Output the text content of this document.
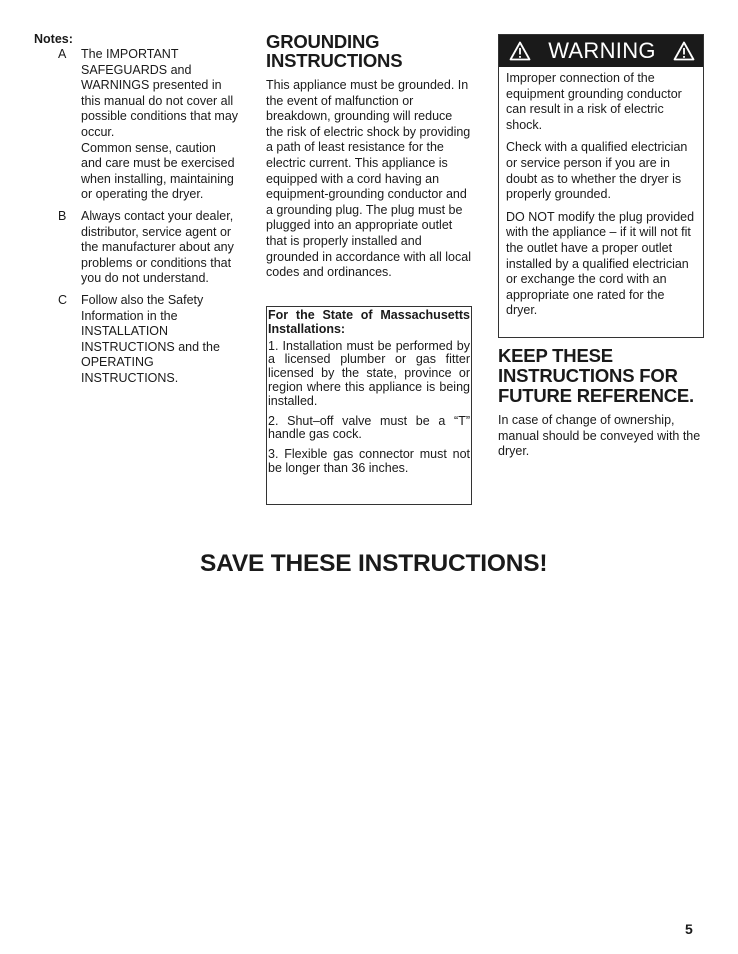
Notes:

A	The IMPORTANT SAFEGUARDS and WARNINGS presented in this manual do not cover all possible conditions that may occur.

Common sense, caution and care must be exercised when installing, maintaining or operating the dryer.

B	Always contact your dealer, distributor, service agent or the manufacturer about any problems or conditions that you do not understand.

C	Follow also the Safety Information in the INSTALLATION INSTRUCTIONS and the OPERATING INSTRUCTIONS.

GROUNDING
INSTRUCTIONS

This appliance must be grounded. In the event of malfunction or breakdown, grounding will reduce the risk of electric shock by providing a path of least resistance for the electric current. This appliance is equipped with a cord having an equipment-grounding conductor and a grounding plug. The plug must be plugged into an appropriate outlet that is properly installed and grounded in accordance with all local codes and ordinances.

For the State of Massachusetts Installations:

1. Installation must be performed by a licensed plumber or gas fitter licensed by the state, province or region where this appliance is being installed.

2. Shut–off valve must be a “T” handle gas cock.

3. Flexible gas connector must not be longer than 36 inches.

WARNING

Improper connection of the equipment grounding conductor can result in a risk of electric shock.

Check with a qualified electrician or service person if you are in doubt as to whether the dryer is properly grounded.

DO NOT modify the plug provided with the appliance – if it will not fit the outlet have a proper outlet installed by a qualified electrician or exchange the cord with an appropriate one rated for the dryer.

KEEP THESE
INSTRUCTIONS FOR
FUTURE REFERENCE.

In case of change of ownership, manual should be conveyed with the dryer.

SAVE THESE INSTRUCTIONS!
5
